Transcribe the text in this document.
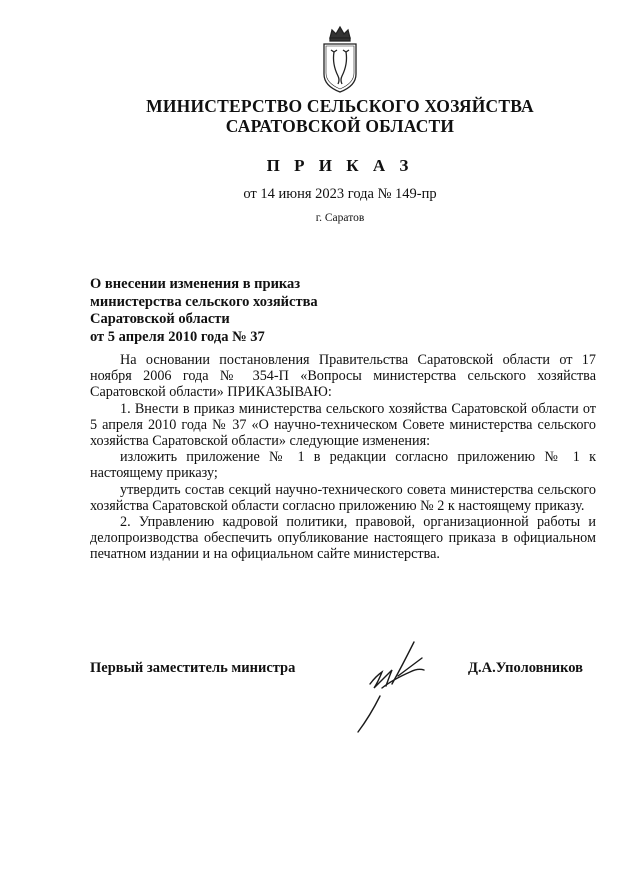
МИНИСТЕРСТВО СЕЛЬСКОГО ХОЗЯЙСТВА
САРАТОВСКОЙ ОБЛАСТИ
П Р И К А З
от 14 июня 2023 года № 149-пр
г. Саратов
О внесении изменения в приказ
министерства сельского хозяйства
Саратовской области
от 5 апреля 2010 года № 37

На основании постановления Правительства Саратовской области от 17 ноября 2006 года № 354-П «Вопросы министерства сельского хозяйства Саратовской области» ПРИКАЗЫВАЮ:

1. Внести в приказ министерства сельского хозяйства Саратовской области от 5 апреля 2010 года № 37 «О научно-техническом Совете министерства сельского хозяйства Саратовской области» следующие изменения:

изложить приложение № 1 в редакции согласно приложению № 1 к настоящему приказу;

утвердить состав секций научно-технического совета министерства сельского хозяйства Саратовской области согласно приложению № 2 к настоящему приказу.

2. Управлению кадровой политики, правовой, организационной работы и делопроизводства обеспечить опубликование настоящего приказа в официальном печатном издании и на официальном сайте министерства.

Первый заместитель министра	Д.А.Уполовников
